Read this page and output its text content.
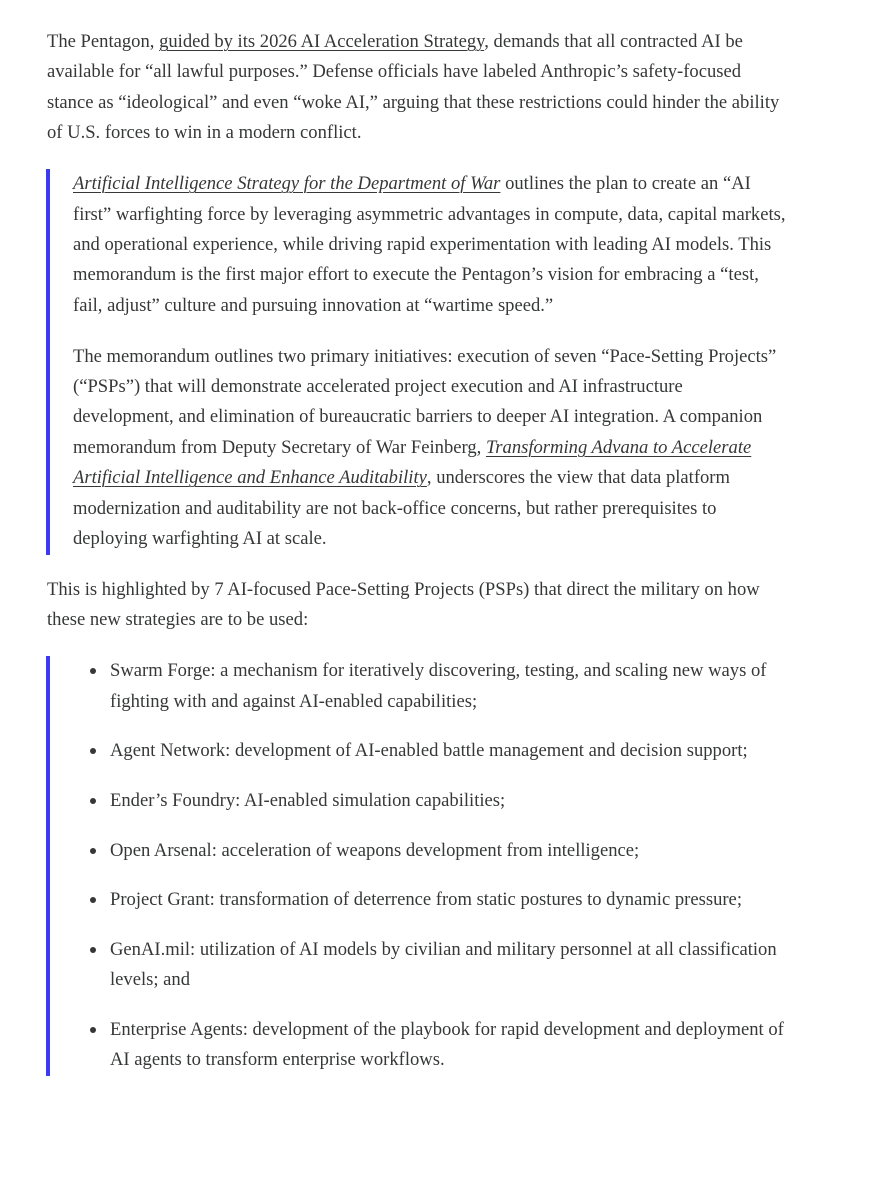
The Pentagon, guided by its 2026 AI Acceleration Strategy, demands that all contracted AI be available for “all lawful purposes.” Defense officials have labeled Anthropic’s safety-focused stance as “ideological” and even “woke AI,” arguing that these restrictions could hinder the ability of U.S. forces to win in a modern conflict.

Artificial Intelligence Strategy for the Department of War outlines the plan to create an “AI first” warfighting force by leveraging asymmetric advantages in compute, data, capital markets, and operational experience, while driving rapid experimentation with leading AI models. This memorandum is the first major effort to execute the Pentagon’s vision for embracing a “test, fail, adjust” culture and pursuing innovation at “wartime speed.”

The memorandum outlines two primary initiatives: execution of seven “Pace-Setting Projects” (“PSPs”) that will demonstrate accelerated project execution and AI infrastructure development, and elimination of bureaucratic barriers to deeper AI integration. A companion memorandum from Deputy Secretary of War Feinberg, Transforming Advana to Accelerate Artificial Intelligence and Enhance Auditability, underscores the view that data platform modernization and auditability are not back-office concerns, but rather prerequisites to deploying warfighting AI at scale.

This is highlighted by 7 AI-focused Pace-Setting Projects (PSPs) that direct the military on how these new strategies are to be used:

Swarm Forge: a mechanism for iteratively discovering, testing, and scaling new ways of fighting with and against AI-enabled capabilities;
Agent Network: development of AI-enabled battle management and decision support;
Ender’s Foundry: AI-enabled simulation capabilities;
Open Arsenal: acceleration of weapons development from intelligence;
Project Grant: transformation of deterrence from static postures to dynamic pressure;
GenAI.mil: utilization of AI models by civilian and military personnel at all classification levels; and
Enterprise Agents: development of the playbook for rapid development and deployment of AI agents to transform enterprise workflows.
